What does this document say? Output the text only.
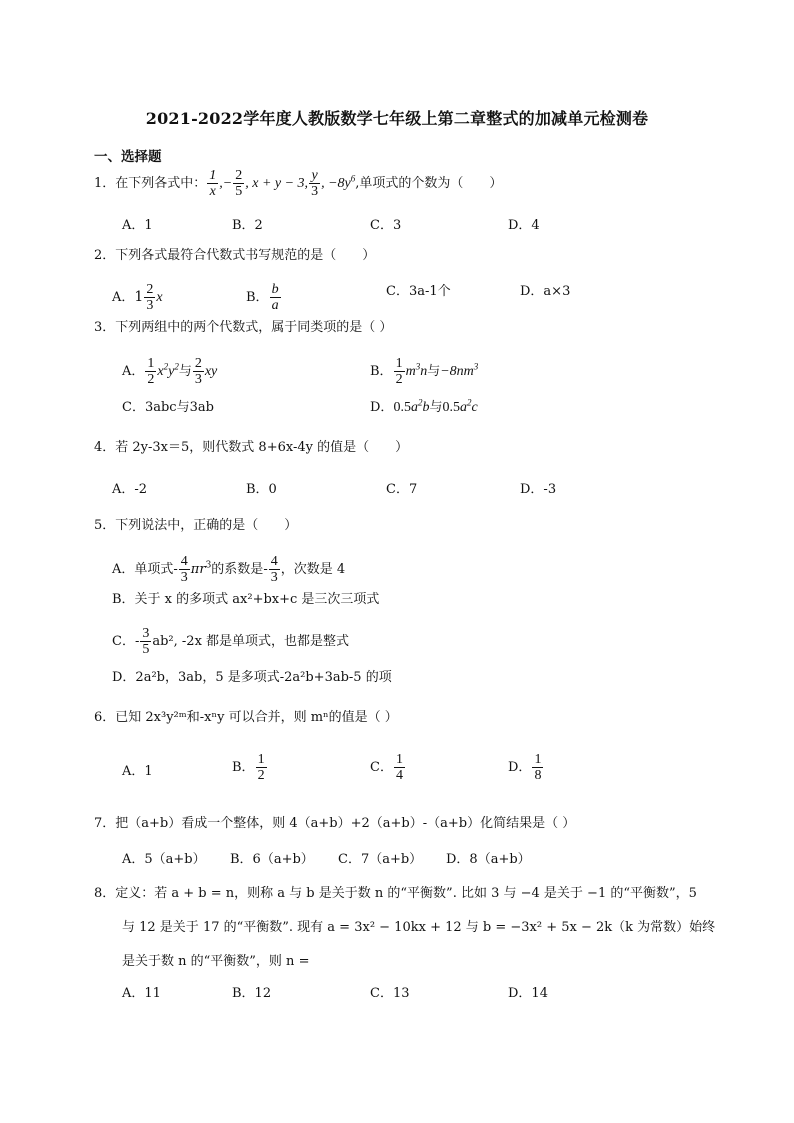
2021-2022学年度人教版数学七年级上第二章整式的加减单元检测卷
一、选择题
1．在下列各式中： $\frac{1}{x}$ ,− $\frac{2}{5}$ , x + y − 3, $\frac{y}{3}$ , $-8y^6$,单项式的个数为（　　）
A．1	B．2	C．3	D．4
2．下列各式最符合代数式书写规范的是（　　）
A．$1 \frac{2}{3}$ x	B． $\frac{b}{a}$	C．3a-1个	D．a×3
3．下列两组中的两个代数式，属于同类项的是（ ）
A． $\frac{1}{2} x^2y^2$与 $\frac{2}{3}$ xy	B． $\frac{1}{2} m^3n$与$-8nm^3$
C．3abc与3ab	D．$0.5a^2b$与$0.5a^2c$
4．若 2y-3x＝5，则代数式 8+6x-4y 的值是（　　）
A．-2	B．0	C．7	D．-3
5．下列说法中，正确的是（　　）
A．单项式- $\frac{4}{3} \pi r^3$的系数是- $\frac{4}{3}$ ，次数是 4
B．关于 x 的多项式 ax²+bx+c 是三次三项式
C．- $\frac{3}{5} ab^2$, -2x 都是单项式，也都是整式
D．2a²b，3ab，5 是多项式-2a²b+3ab-5 的项
6．已知 2x³y²ᵐ和-xⁿy 可以合并，则 mⁿ的值是（ ）
A．1	B． $\frac{1}{2}$	C． $\frac{1}{4}$	D． $\frac{1}{8}$
7．把（a+b）看成一个整体，则 4（a+b）+2（a+b）-（a+b）化简结果是（ ）
A．5（a+b） B．6（a+b） C．7（a+b） D．8（a+b）
8．定义：若 a + b = n，则称 a 与 b 是关于数 n 的“平衡数”. 比如 3 与 −4 是关于 −1 的“平衡数”，5
与 12 是关于 17 的“平衡数”. 现有 a = 3x² − 10kx + 12 与 b = −3x² + 5x − 2k（k 为常数）始终
是关于数 n 的“平衡数”，则 n =
A．11	B．12	C．13	D．14
